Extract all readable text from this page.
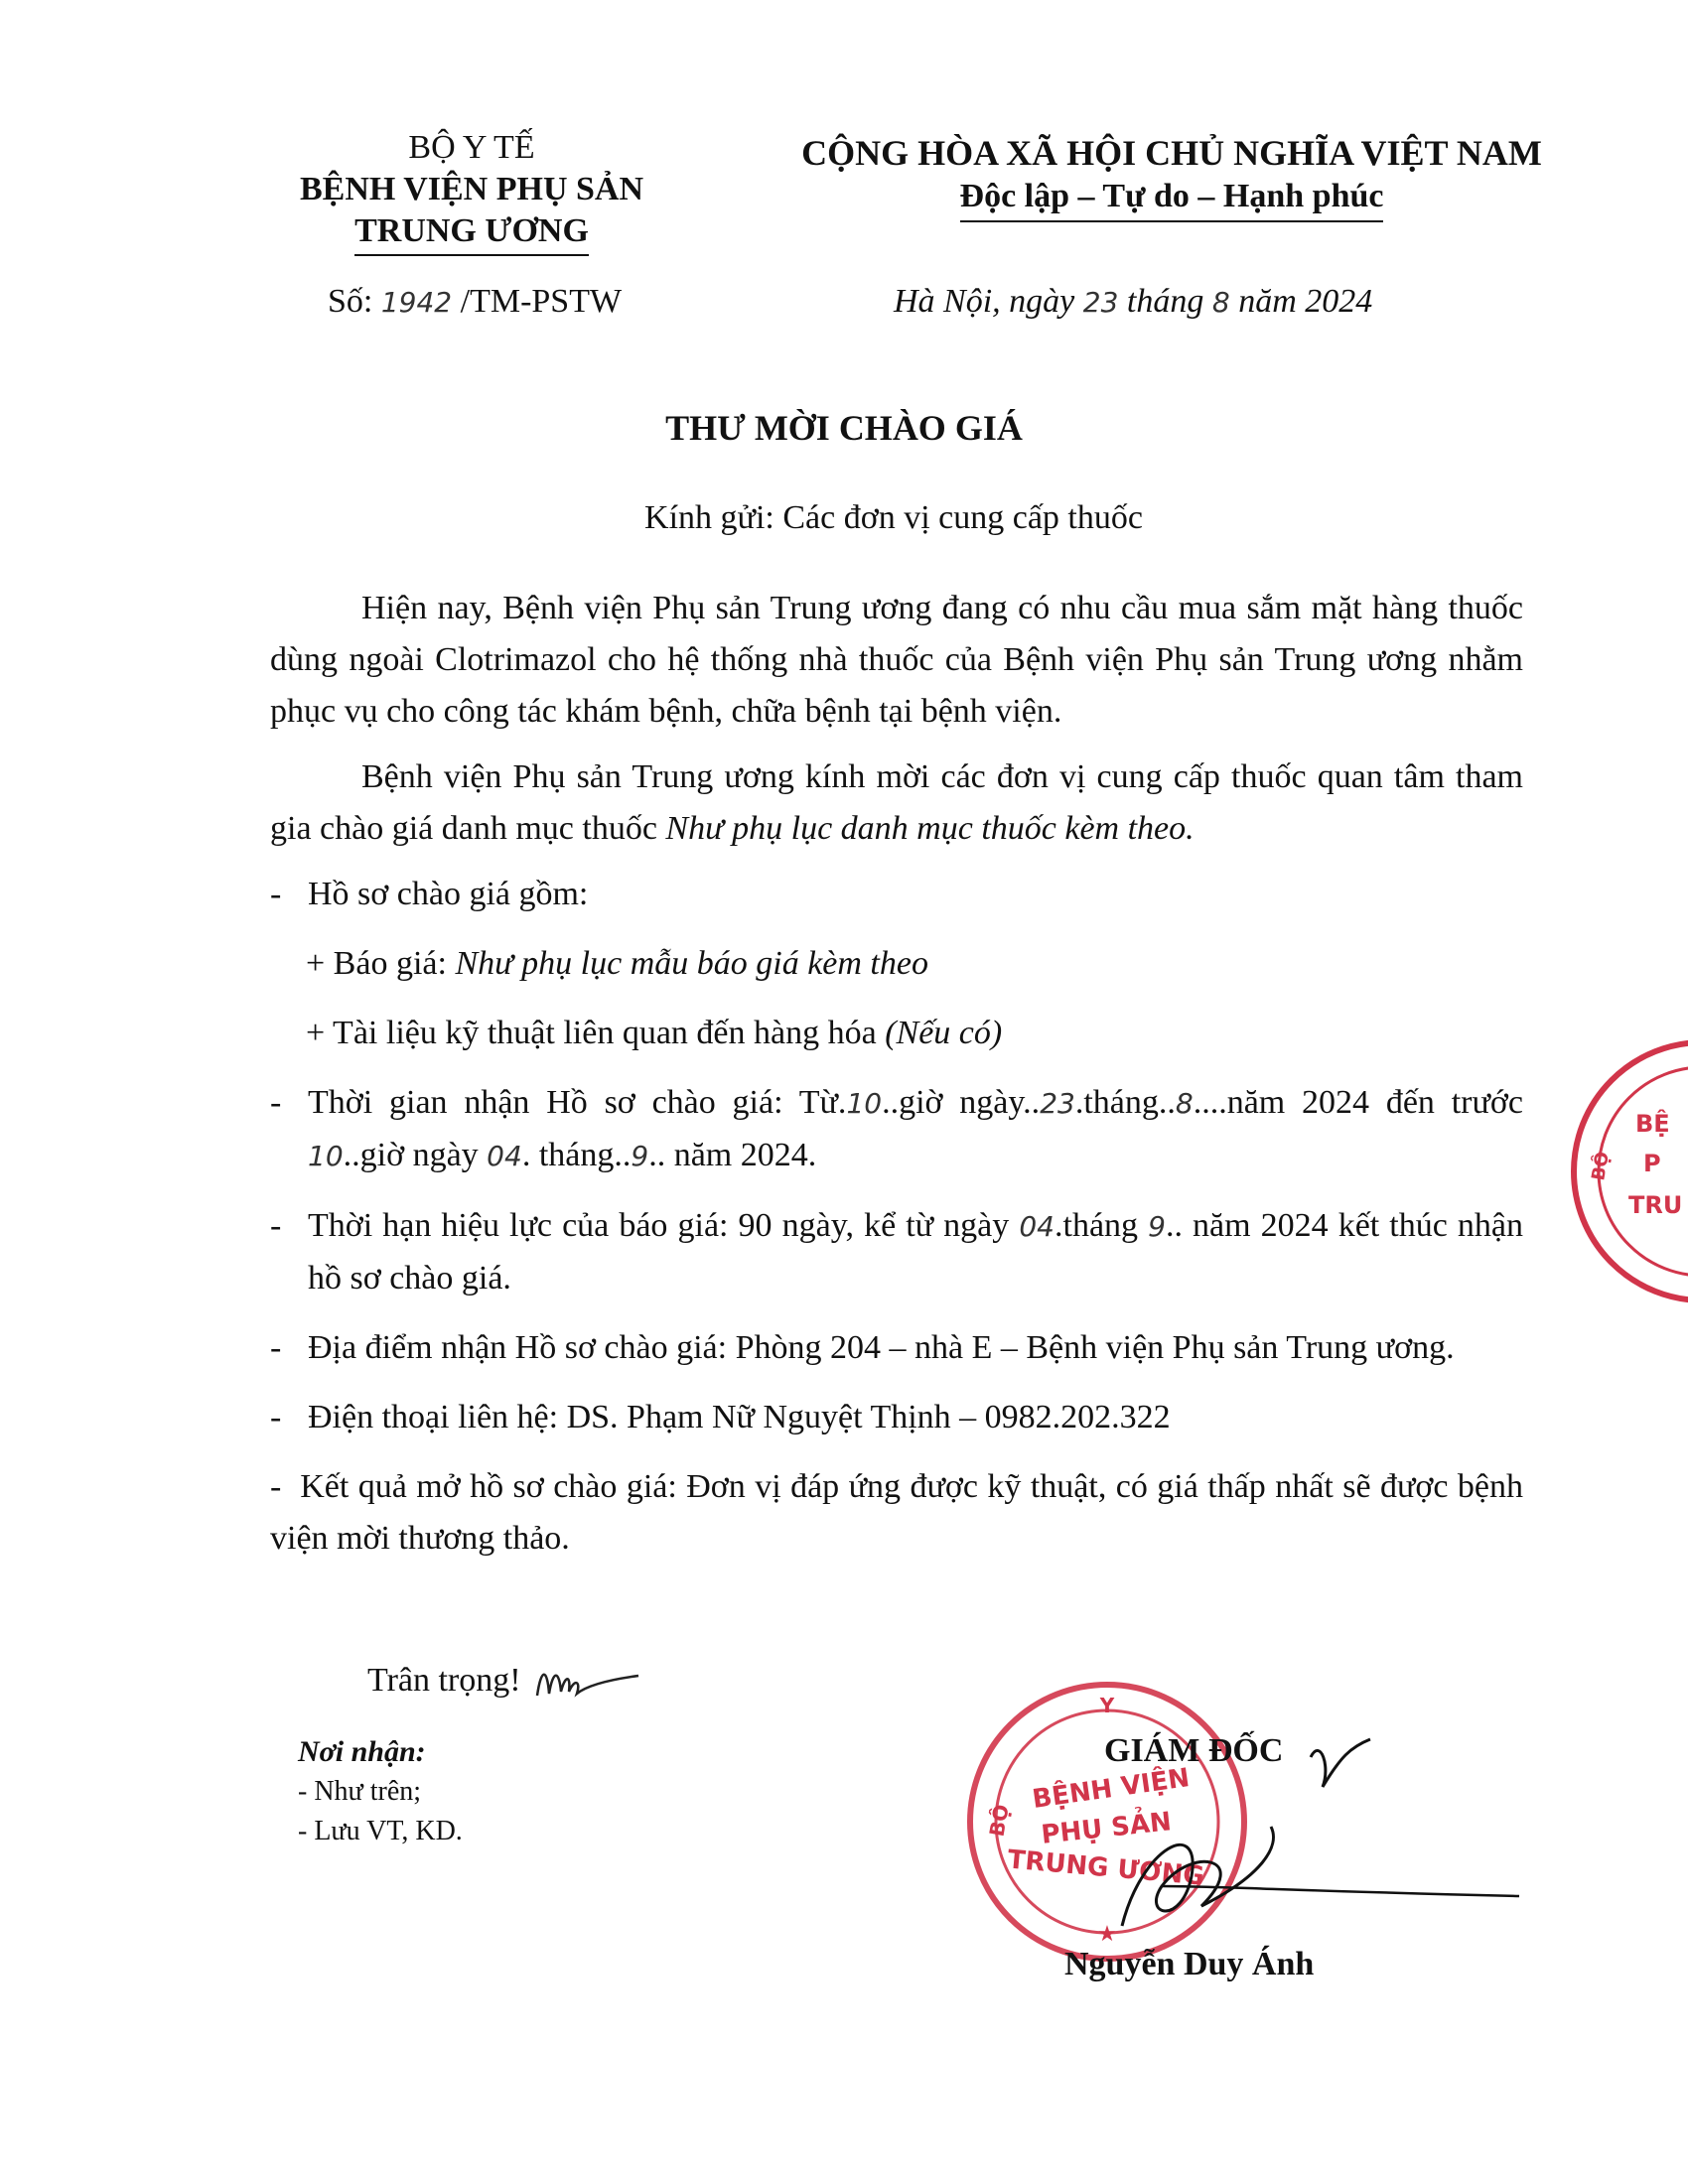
BỘ Y TẾ
BỆNH VIỆN PHỤ SẢN
TRUNG ƯƠNG
CỘNG HÒA XÃ HỘI CHỦ NGHĨA VIỆT NAM
Độc lập – Tự do – Hạnh phúc
Số: 1942 /TM-PSTW	Hà Nội, ngày 23 tháng 8 năm 2024
THƯ MỜI CHÀO GIÁ
Kính gửi: Các đơn vị cung cấp thuốc

Hiện nay, Bệnh viện Phụ sản Trung ương đang có nhu cầu mua sắm mặt hàng thuốc dùng ngoài Clotrimazol cho hệ thống nhà thuốc của Bệnh viện Phụ sản Trung ương nhằm phục vụ cho công tác khám bệnh, chữa bệnh tại bệnh viện.

Bệnh viện Phụ sản Trung ương kính mời các đơn vị cung cấp thuốc quan tâm tham gia chào giá danh mục thuốc Như phụ lục danh mục thuốc kèm theo.

- Hồ sơ chào giá gồm:
+ Báo giá: Như phụ lục mẫu báo giá kèm theo
+ Tài liệu kỹ thuật liên quan đến hàng hóa (Nếu có)
- Thời gian nhận Hồ sơ chào giá: Từ.10..giờ ngày..23.tháng..8....năm 2024 đến trước 10..giờ ngày 04. tháng..9.. năm 2024.
- Thời hạn hiệu lực của báo giá: 90 ngày, kể từ ngày 04.tháng 9.. năm 2024 kết thúc nhận hồ sơ chào giá.
- Địa điểm nhận Hồ sơ chào giá: Phòng 204 – nhà E – Bệnh viện Phụ sản Trung ương.
- Điện thoại liên hệ: DS. Phạm Nữ Nguyệt Thịnh – 0982.202.322
-  Kết quả mở hồ sơ chào giá: Đơn vị đáp ứng được kỹ thuật, có giá thấp nhất sẽ được bệnh viện mời thương thảo.
Trân trọng!
Nơi nhận:
- Như trên;
- Lưu VT, KD.
Y
BỘ
BỆNH VIỆN
PHỤ SẢN
TRUNG ƯƠNG
★
GIÁM ĐỐC
BỘ
BỆ
P
TRU
Nguyễn Duy Ánh
